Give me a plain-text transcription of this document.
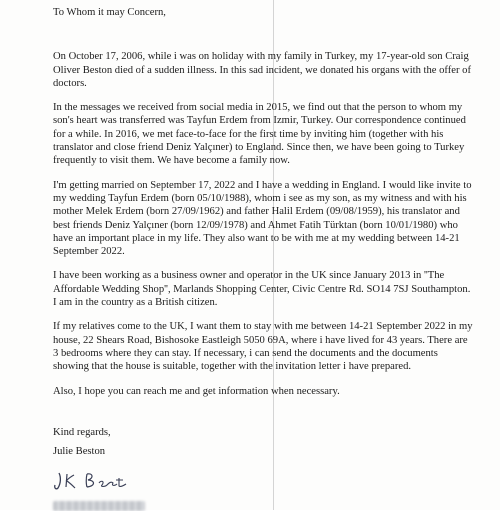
To Whom it may Concern,

On October 17, 2006, while i was on holiday with my family in Turkey, my 17-year-old son Craig Oliver Beston died of a sudden illness. In this sad incident, we donated his organs with the offer of doctors.

In the messages we received from social media in 2015, we find out that the person to whom my son's heart was transferred was Tayfun Erdem from Izmir, Turkey. Our correspondence continued for a while. In 2016, we met face-to-face for the first time by inviting him (together with his translator and close friend Deniz Yalçıner) to England. Since then, we have been going to Turkey frequently to visit them. We have become a family now.

I'm getting married on September 17, 2022 and I have a wedding in England. I would like invite to my wedding Tayfun Erdem (born 05/10/1988), whom i see as my son, as my witness and with his mother Melek Erdem (born 27/09/1962) and father Halil Erdem (09/08/1959), his translator and best friends Deniz Yalçıner (born 12/09/1978) and Ahmet Fatih Türktan (born 10/01/1980) who have an important place in my life. They also want to be with me at my wedding between 14-21 September 2022.

I have been working as a business owner and operator in the UK since January 2013 in ''The Affordable Wedding Shop'', Marlands Shopping Center, Civic Centre Rd. SO14 7SJ Southampton. I am in the country as a British citizen.

If my relatives come to the UK, I want them to stay with me between 14-21 September 2022 in my house, 22 Shears Road, Bishosoke Eastleigh 5050 69A, where i have lived for 43 years. There are 3 bedrooms where they can stay. If necessary, i can send the documents and the documents showing that the house is suitable, together with the invitation letter i have prepared.

Also, I hope you can reach me and get information when necessary.

Kind regards,

Julie Beston
